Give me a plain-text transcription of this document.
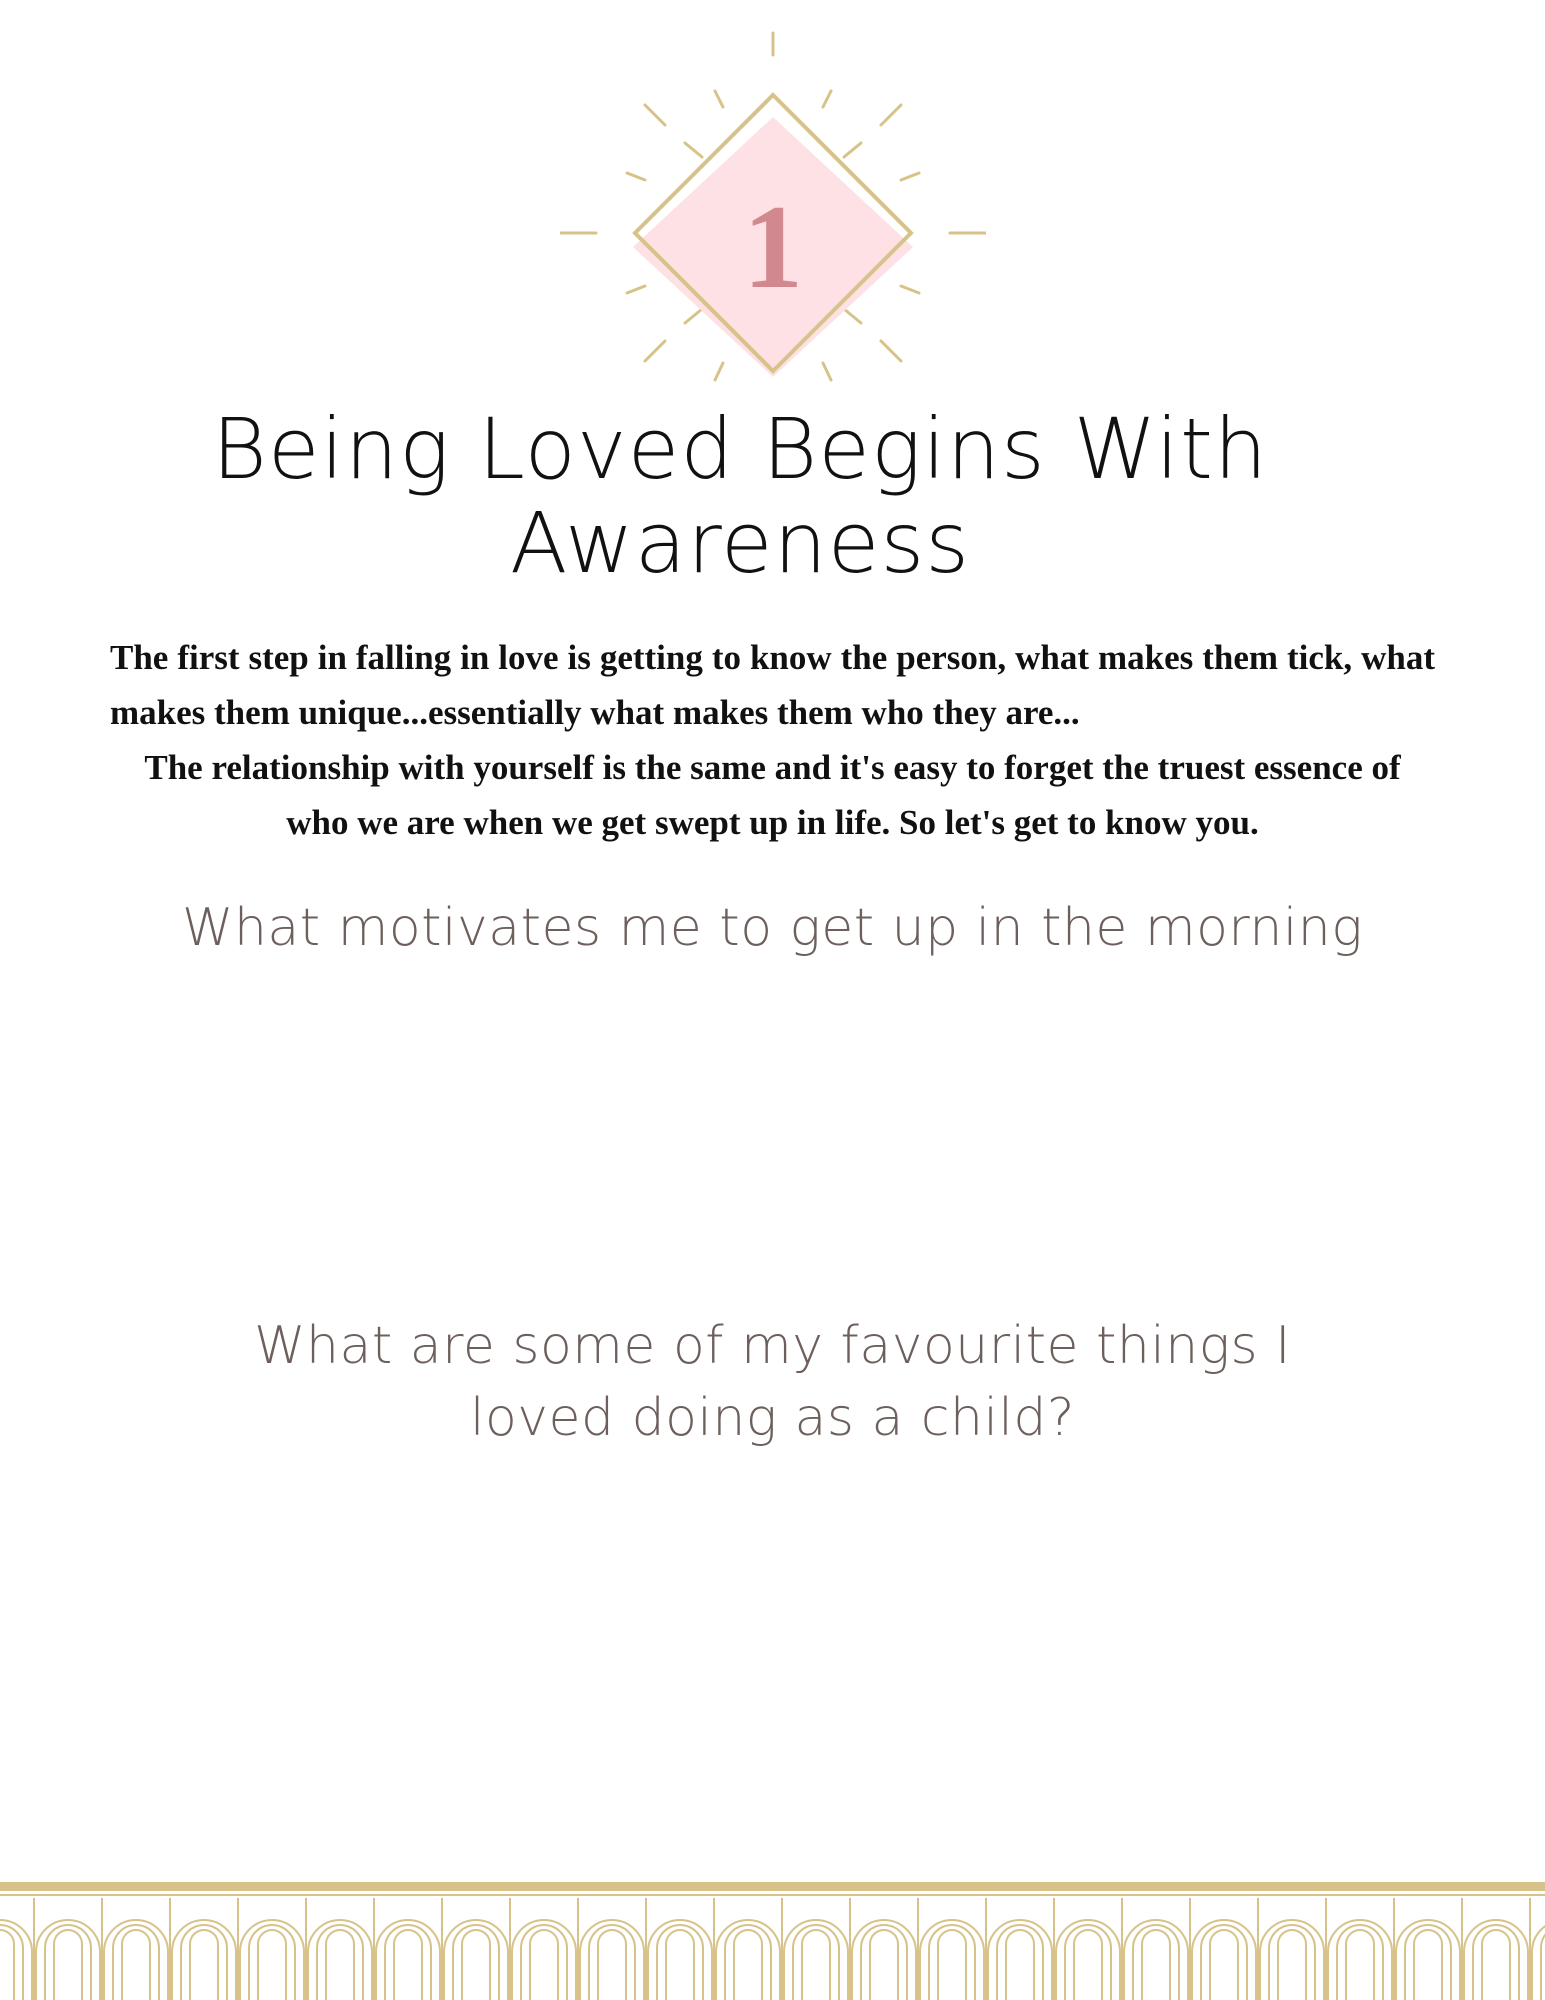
1
Being Loved Begins With
Awareness

The first step in falling in love is getting to know the person, what makes them tick, what makes them unique...essentially what makes them who they are...

The relationship with yourself is the same and it's easy to forget the truest essence of who we are when we get swept up in life. So let's get to know you.

What motivates me to get up in the morning
What are some of my favourite things I loved doing as a child?
